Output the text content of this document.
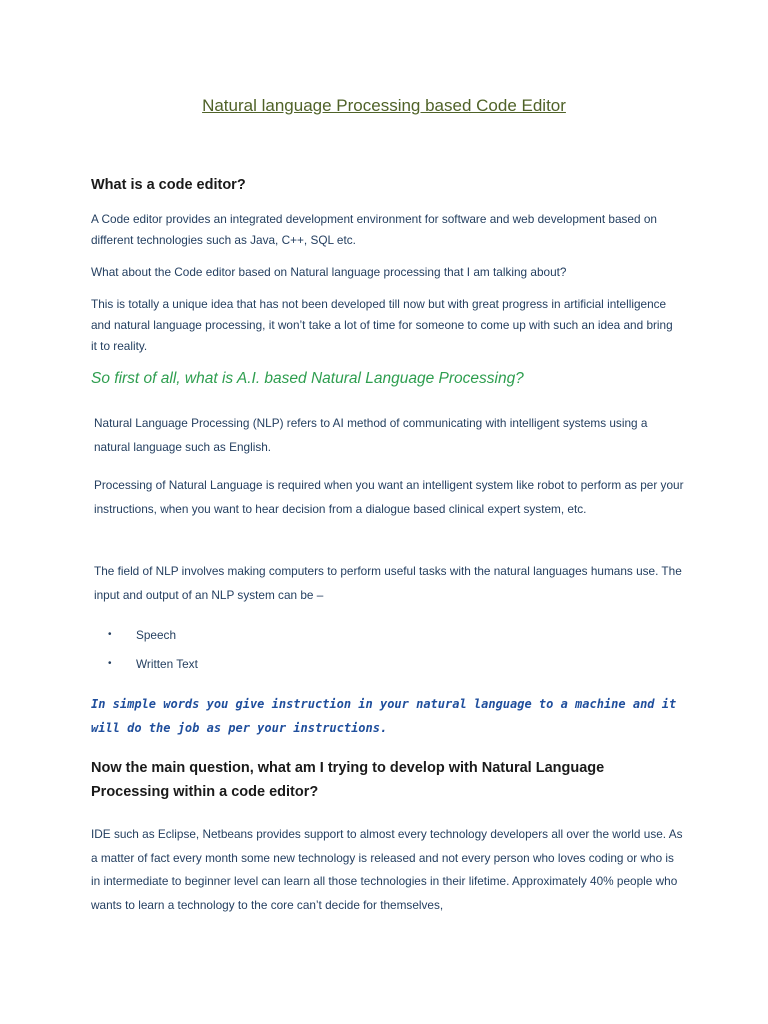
Natural language Processing based Code Editor
What is a code editor?

A Code editor provides an integrated development environment for software and web development based on different technologies such as Java, C++, SQL etc.

What about the Code editor based on Natural language processing that I am talking about?

This is totally a unique idea that has not been developed till now but with great progress in artificial intelligence and natural language processing, it won’t take a lot of time for someone to come up with such an idea and bring it to reality.

So first of all, what is A.I. based Natural Language Processing?

Natural Language Processing (NLP) refers to AI method of communicating with intelligent systems using a natural language such as English.

Processing of Natural Language is required when you want an intelligent system like robot to perform as per your instructions, when you want to hear decision from a dialogue based clinical expert system, etc.

The field of NLP involves making computers to perform useful tasks with the natural languages humans use. The input and output of an NLP system can be –

•	Speech
•	Written Text

In simple words you give instruction in your natural language to a machine and it will do the job as per your instructions.

Now the main question, what am I trying to develop with Natural Language Processing within a code editor?

IDE such as Eclipse, Netbeans provides support to almost every technology developers all over the world use. As a matter of fact every month some new technology is released and not every person who loves coding or who is in intermediate to beginner level can learn all those technologies in their lifetime. Approximately 40% people who wants to learn a technology to the core can’t decide for themselves,
